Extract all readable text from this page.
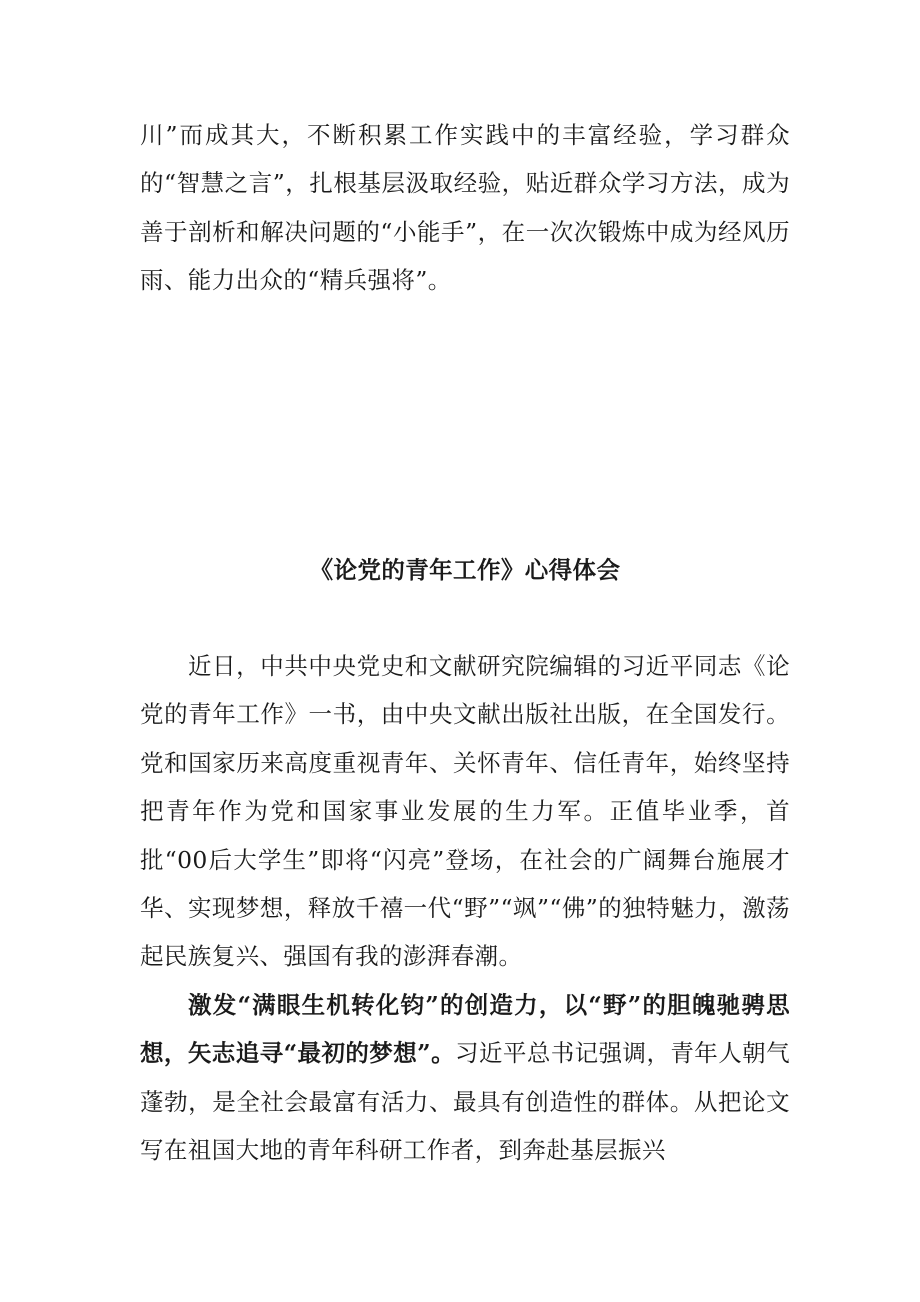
川”而成其大，不断积累工作实践中的丰富经验，学习群众的“智慧之言”，扎根基层汲取经验，贴近群众学习方法，成为善于剖析和解决问题的“小能手”，在一次次锻炼中成为经风历雨、能力出众的“精兵强将”。

《论党的青年工作》心得体会

近日，中共中央党史和文献研究院编辑的习近平同志《论党的青年工作》一书，由中央文献出版社出版，在全国发行。党和国家历来高度重视青年、关怀青年、信任青年，始终坚持把青年作为党和国家事业发展的生力军。正值毕业季，首批“00后大学生”即将“闪亮”登场，在社会的广阔舞台施展才华、实现梦想，释放千禧一代“野”“飒”“佛”的独特魅力，激荡起民族复兴、强国有我的澎湃春潮。

激发“满眼生机转化钧”的创造力，以“野”的胆魄驰骋思想，矢志追寻“最初的梦想”。习近平总书记强调，青年人朝气蓬勃，是全社会最富有活力、最具有创造性的群体。从把论文写在祖国大地的青年科研工作者，到奔赴基层振兴
